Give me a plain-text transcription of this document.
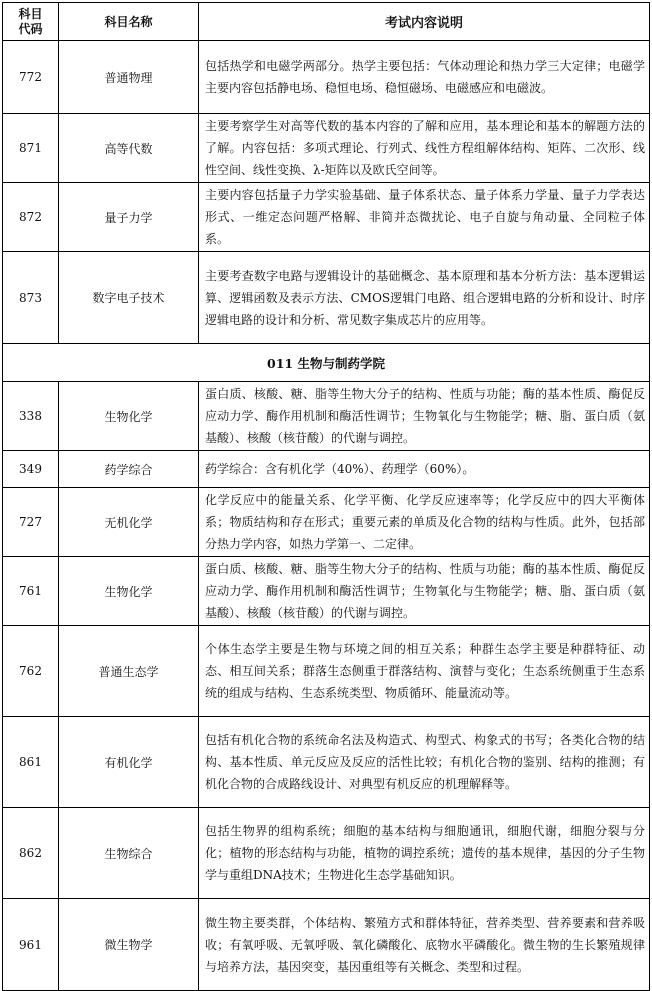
科目
代码	科目名称	考试内容说明
772	普通物理	包括热学和电磁学两部分。热学主要包括：气体动理论和热力学三大定律；电磁学主要内容包括静电场、稳恒电场、稳恒磁场、电磁感应和电磁波。
871	高等代数	主要考察学生对高等代数的基本内容的了解和应用，基本理论和基本的解题方法的了解。内容包括：多项式理论、行列式、线性方程组解体结构、矩阵、二次形、线性空间、线性变换、λ-矩阵以及欧氏空间等。
872	量子力学	主要内容包括量子力学实验基础、量子体系状态、量子体系力学量、量子力学表达形式、一维定态问题严格解、非简并态微扰论、电子自旋与角动量、全同粒子体系。
873	数字电子技术	主要考查数字电路与逻辑设计的基础概念、基本原理和基本分析方法：基本逻辑运算、逻辑函数及表示方法、CMOS逻辑门电路、组合逻辑电路的分析和设计、时序逻辑电路的设计和分析、常见数字集成芯片的应用等。
011 生物与制药学院		
338	生物化学	蛋白质、核酸、糖、脂等生物大分子的结构、性质与功能；酶的基本性质、酶促反应动力学、酶作用机制和酶活性调节；生物氧化与生物能学；糖、脂、蛋白质（氨基酸）、核酸（核苷酸）的代谢与调控。
349	药学综合	药学综合：含有机化学（40%）、药理学（60%）。
727	无机化学	化学反应中的能量关系、化学平衡、化学反应速率等；化学反应中的四大平衡体系；物质结构和存在形式；重要元素的单质及化合物的结构与性质。此外，包括部分热力学内容，如热力学第一、二定律。
761	生物化学	蛋白质、核酸、糖、脂等生物大分子的结构、性质与功能；酶的基本性质、酶促反应动力学、酶作用机制和酶活性调节；生物氧化与生物能学；糖、脂、蛋白质（氨基酸）、核酸（核苷酸）的代谢与调控。
762	普通生态学	个体生态学主要是生物与环境之间的相互关系；种群生态学主要是种群特征、动态、相互间关系；群落生态侧重于群落结构、演替与变化；生态系统侧重于生态系统的组成与结构、生态系统类型、物质循环、能量流动等。
861	有机化学	包括有机化合物的系统命名法及构造式、构型式、构象式的书写；各类化合物的结构、基本性质、单元反应及反应的活性比较；有机化合物的鉴别、结构的推测；有机化合物的合成路线设计、对典型有机反应的机理解释等。
862	生物综合	包括生物界的组构系统；细胞的基本结构与细胞通讯，细胞代谢，细胞分裂与分化；植物的形态结构与功能，植物的调控系统；遗传的基本规律，基因的分子生物学与重组DNA技术；生物进化生态学基础知识。
961	微生物学	微生物主要类群，个体结构、繁殖方式和群体特征，营养类型、营养要素和营养吸收；有氧呼吸、无氧呼吸、氧化磷酸化、底物水平磷酸化。微生物的生长繁殖规律与培养方法，基因突变，基因重组等有关概念、类型和过程。
